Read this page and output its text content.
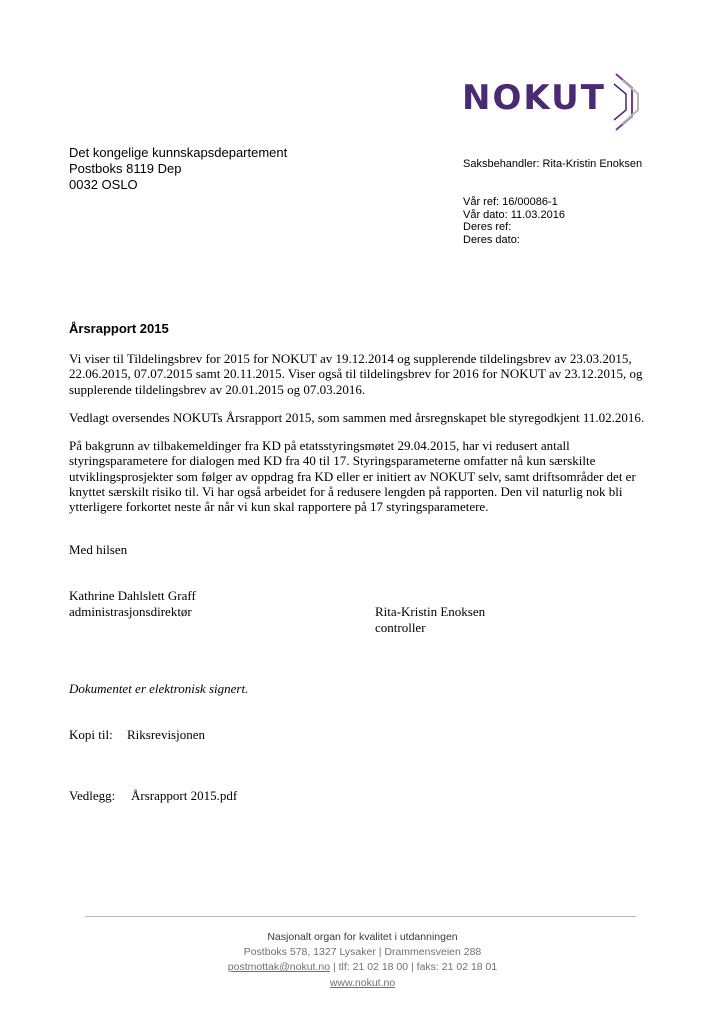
NOKUT
Det kongelige kunnskapsdepartement
Postboks 8119 Dep
0032 OSLO
Saksbehandler: Rita-Kristin Enoksen
Vår ref: 16/00086-1
Vår dato: 11.03.2016
Deres ref:
Deres dato:
Årsrapport 2015
Vi viser til Tildelingsbrev for 2015 for NOKUT av 19.12.2014 og supplerende tildelingsbrev av 23.03.2015, 22.06.2015, 07.07.2015 samt 20.11.2015. Viser også til tildelingsbrev for 2016 for NOKUT av 23.12.2015, og supplerende tildelingsbrev av 20.01.2015 og 07.03.2016.
Vedlagt oversendes NOKUTs Årsrapport 2015, som sammen med årsregnskapet ble styregodkjent 11.02.2016.
På bakgrunn av tilbakemeldinger fra KD på etatsstyringsmøtet 29.04.2015, har vi redusert antall styringsparametere for dialogen med KD fra 40 til 17. Styringsparameterne omfatter nå kun særskilte utviklingsprosjekter som følger av oppdrag fra KD eller er initiert av NOKUT selv, samt driftsområder det er knyttet særskilt risiko til. Vi har også arbeidet for å redusere lengden på rapporten. Den vil naturlig nok bli ytterligere forkortet neste år når vi kun skal rapportere på 17 styringsparametere.
Med hilsen
Kathrine Dahlslett Graff
administrasjonsdirektør	Rita-Kristin Enoksen
controller
Dokumentet er elektronisk signert.
Kopi til: Riksrevisjonen
Vedlegg: Årsrapport 2015.pdf
Nasjonalt organ for kvalitet i utdanningen
Postboks 578, 1327 Lysaker | Drammensveien 288
postmottak@nokut.no | tlf: 21 02 18 00 | faks: 21 02 18 01
www.nokut.no
